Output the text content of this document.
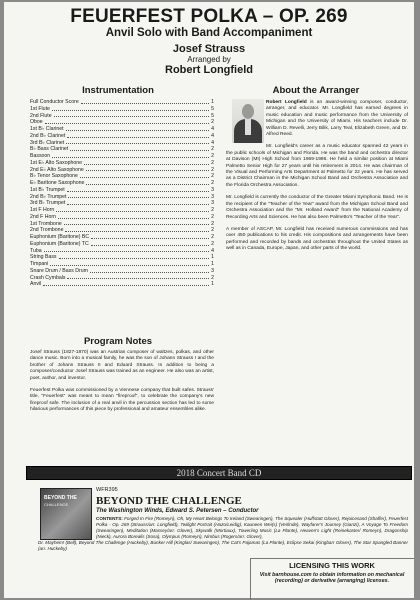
FEUERFEST POLKA – OP. 269
Anvil Solo with Band Accompaniment
Josef Strauss
Arranged by
Robert Longfield
Instrumentation
Full Conductor Score	1
1st Flute	5
2nd Flute	5
Oboe	2
1st B♭ Clarinet	4
2nd B♭ Clarinet	4
3rd B♭ Clarinet	4
B♭ Bass Clarinet	2
Bassoon	2
1st E♭ Alto Saxophone	2
2nd E♭ Alto Saxophone	2
B♭ Tenor Saxophone	2
E♭ Baritone Saxophone	2
1st B♭ Trumpet	3
2nd B♭ Trumpet	3
3rd B♭ Trumpet	3
1st F Horn	2
2nd F Horn	2
1st Trombone	2
2nd Trombone	2
Euphonium (Baritone) BC	2
Euphonium (Baritone) TC	2
Tuba	4
String Bass	1
Timpani	1
Snare Drum / Bass Drum	3
Crash Cymbals	2
Anvil	1
About the Arranger

Robert Longfield is an award-winning composer, conductor, arranger, and educator. Mr. Longfield has earned degrees in music education and music performance from the University of Michigan and the University of Miami. His teachers include Dr. William D. Revelli, Jerry Bilik, Larry Teal, Elizabeth Green, and Dr. Alfred Reed.

Mr. Longfield's career as a music educator spanned 42 years in the public schools of Michigan and Florida. He was the band and orchestra director at Davison (MI) High School from 1969-1986. He held a similar position at Miami Palmetto Senior High for 27 years until his retirement in 2014. He was chairman of the Visual and Performing Arts Department at Palmetto for 22 years. He has served as a District Chairman in the Michigan School Band and Orchestra Association and the Florida Orchestra Association.

Mr. Longfield is currently the conductor of the Greater Miami Symphonic Band. He is the recipient of the "Teacher of the Year" award from the Michigan School Band and Orchestra Association and the "Mr. Holland Award" from the National Academy of Recording Arts and Sciences. He has also been Palmetto's "Teacher of the Year".

A member of ASCAP, Mr. Longfield has received numerous commissions and has over 450 publications to his credit. His compositions and arrangements have been performed and recorded by bands and orchestras throughout the United States as well as in Canada, Europe, Japan, and other parts of the world.

Program Notes

Josef Strauss (1827-1870) was an Austrian composer of waltzes, polkas, and other dance music. Born into a musical family, he was the son of Johann Strauss I and the brother of Johann Strauss II and Eduard Strauss. In addition to being a composer/conductor Josef Strauss was trained as an engineer. He also was an artist, poet, author, and inventor.

Feuerfest Polka was commissioned by a Viennese company that built safes. Strauss' title, "Feuerfest" was meant to mean "fireproof", to celebrate the company's new fireproof safe. The inclusion of a real anvil in the percussion section has led to some hilarious performances of this piece by professional and amateur ensembles alike.

2018 Concert Band CD
BEYOND THE
CHALLENGE
WFR395
BEYOND THE CHALLENGE
The Washington Winds, Edward S. Petersen – Conductor
CONTENTS: Forged In Fire (Romeyn), Oh, My Heart Belongs To Ireland (Swearingen), The Squealer (Huffstatt Glover), Rejoicesand (Shaffer), Feuerfest Polka - Op. 269 (Strauss/arr. Longfield), Twilight Portrait (Hazo/Leidig), Kauneen Wei(s) (Verlinde), Wayfarer's Journey (Gianzi), A Voyage To Freedom (Swearingen), Meditation (Massey/arr. Glover), Skywalk (Mortiaux), Toweriing Music (La Plante), Heaven's Light (Reinekaster/ Romeyn), Dragonship (Nieck), Aurora Borealis (Sosa), Olympus (Romeyn), Nimbus (Rogers/arr. Glover),
Dr. Mayhem! (Bell), Beyond The Challenge (Huckeby), Bunker Hill (Kinglas/ Swearingen), The Cat's Pajamas (La Plante), Eclipse Sekai (Kingbarr Glover), The Star Spangled Banner (arr. Huckeby)
LICENSING THIS WORK
Visit barnhouse.com to obtain information on mechanical (recording) or derivative (arranging) licenses.
